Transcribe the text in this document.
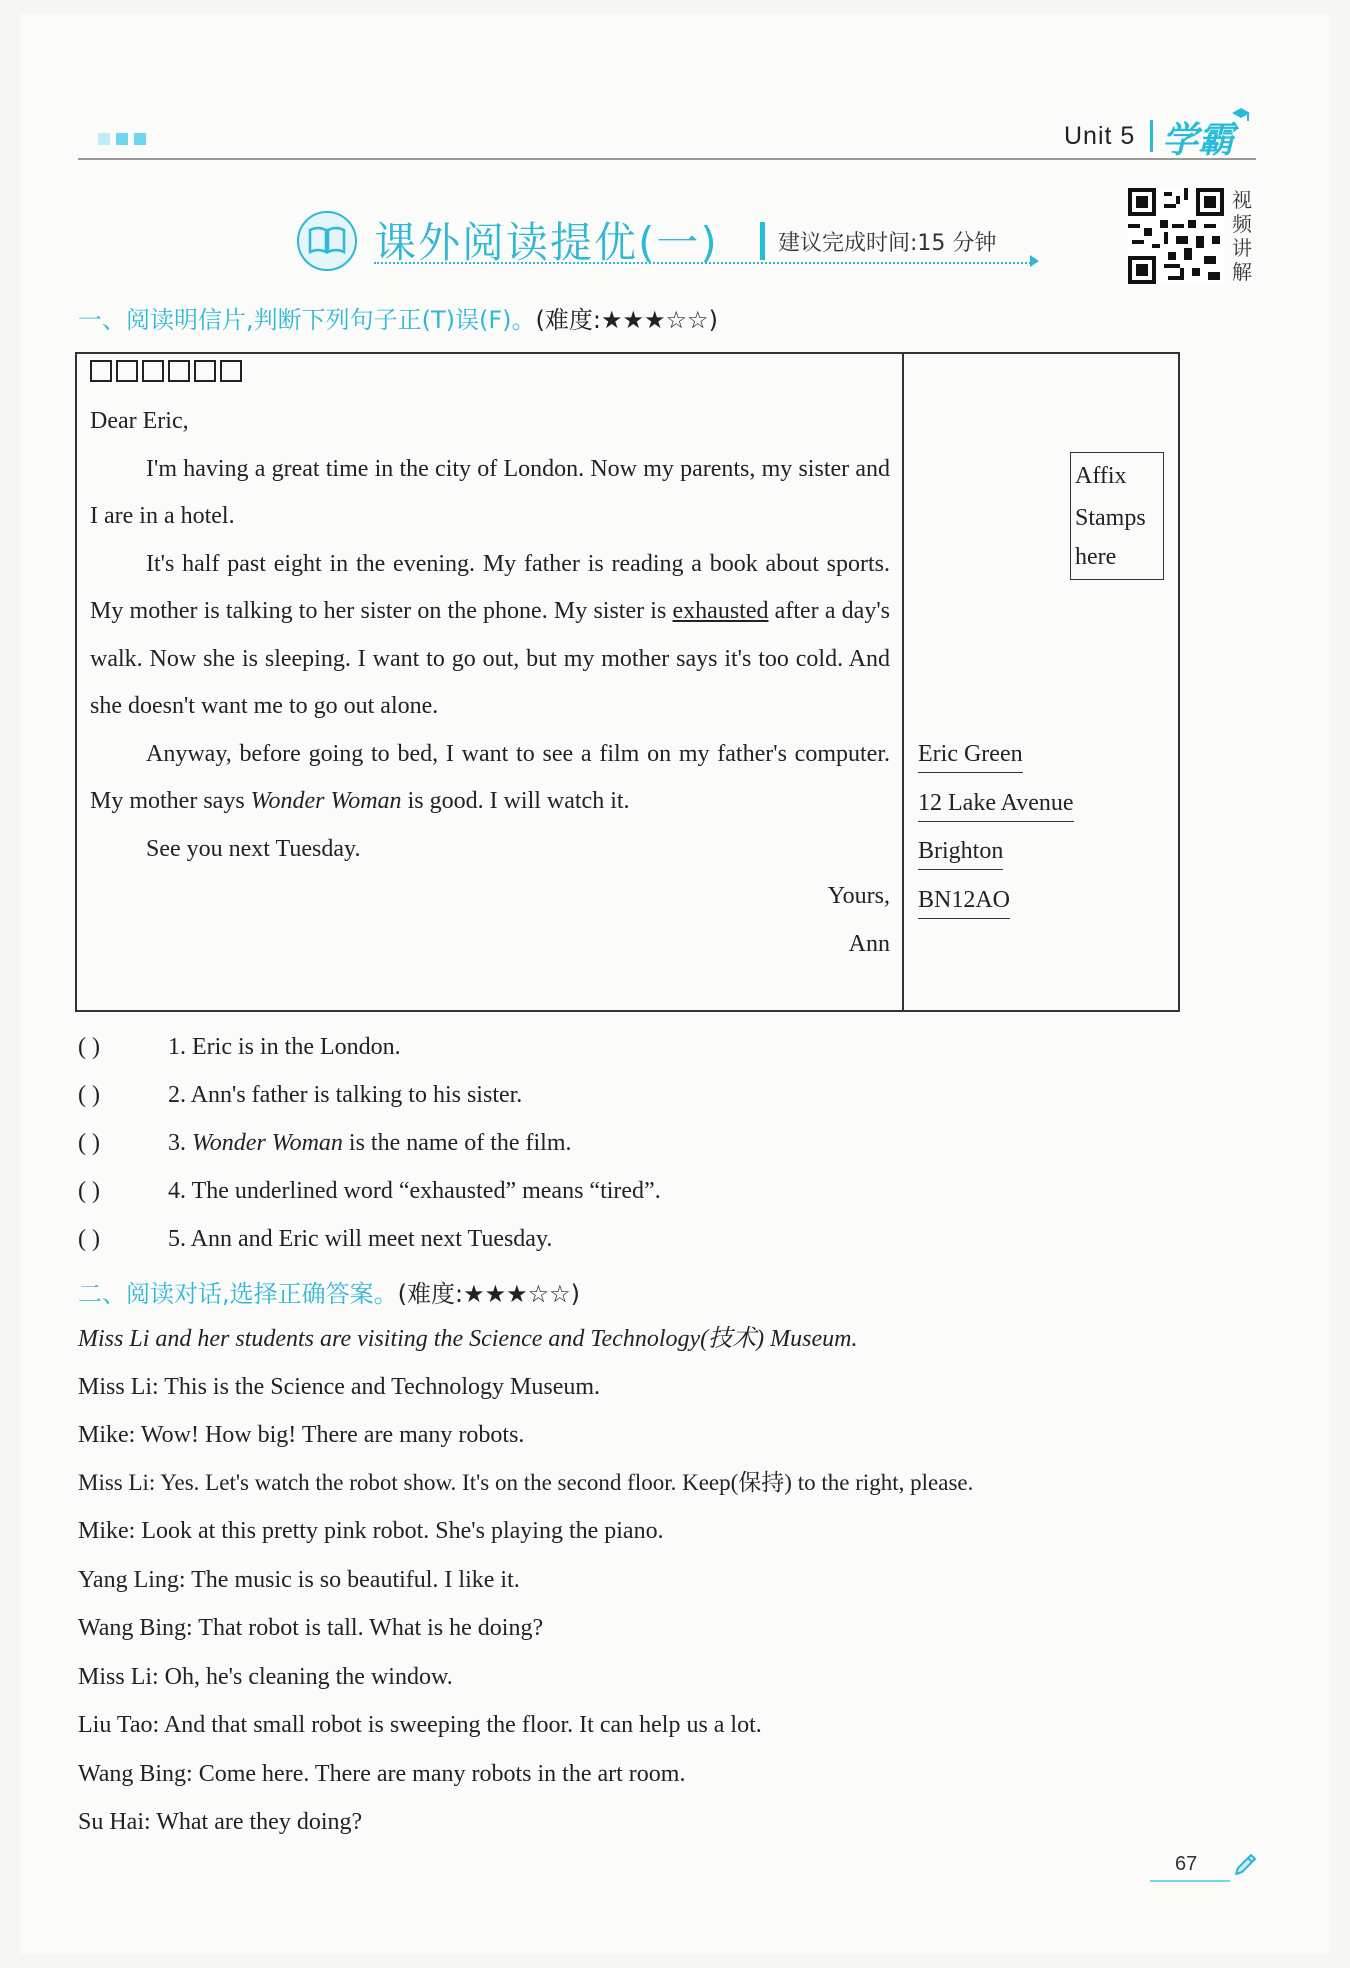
Unit 5 学霸
课外阅读提优(一)	建议完成时间:15 分钟
视频讲解
一、阅读明信片,判断下列句子正(T)误(F)。(难度:★★★☆☆)

Dear Eric,

I'm having a great time in the city of London. Now my parents, my sister and I are in a hotel.

It's half past eight in the evening. My father is reading a book about sports. My mother is talking to her sister on the phone. My sister is exhausted after a day's walk. Now she is sleeping. I want to go out, but my mother says it's too cold. And she doesn't want me to go out alone.

Anyway, before going to bed, I want to see a film on my father's computer. My mother says Wonder Woman is good. I will watch it.

See you next Tuesday.

Yours,

Ann

Affix
Stamps
here
Eric Green
12 Lake Avenue
Brighton
BN12AO
( )	1. Eric is in the London.
( )	2. Ann's father is talking to his sister.
( )	3. Wonder Woman is the name of the film.
( )	4. The underlined word “exhausted” means “tired”.
( )	5. Ann and Eric will meet next Tuesday.
二、阅读对话,选择正确答案。(难度:★★★☆☆)
Miss Li and her students are visiting the Science and Technology(技术) Museum.
Miss Li: This is the Science and Technology Museum.
Mike: Wow! How big! There are many robots.
Miss Li: Yes. Let's watch the robot show. It's on the second floor. Keep(保持) to the right, please.
Mike: Look at this pretty pink robot. She's playing the piano.
Yang Ling: The music is so beautiful. I like it.
Wang Bing: That robot is tall. What is he doing?
Miss Li: Oh, he's cleaning the window.
Liu Tao: And that small robot is sweeping the floor. It can help us a lot.
Wang Bing: Come here. There are many robots in the art room.
Su Hai: What are they doing?
67
